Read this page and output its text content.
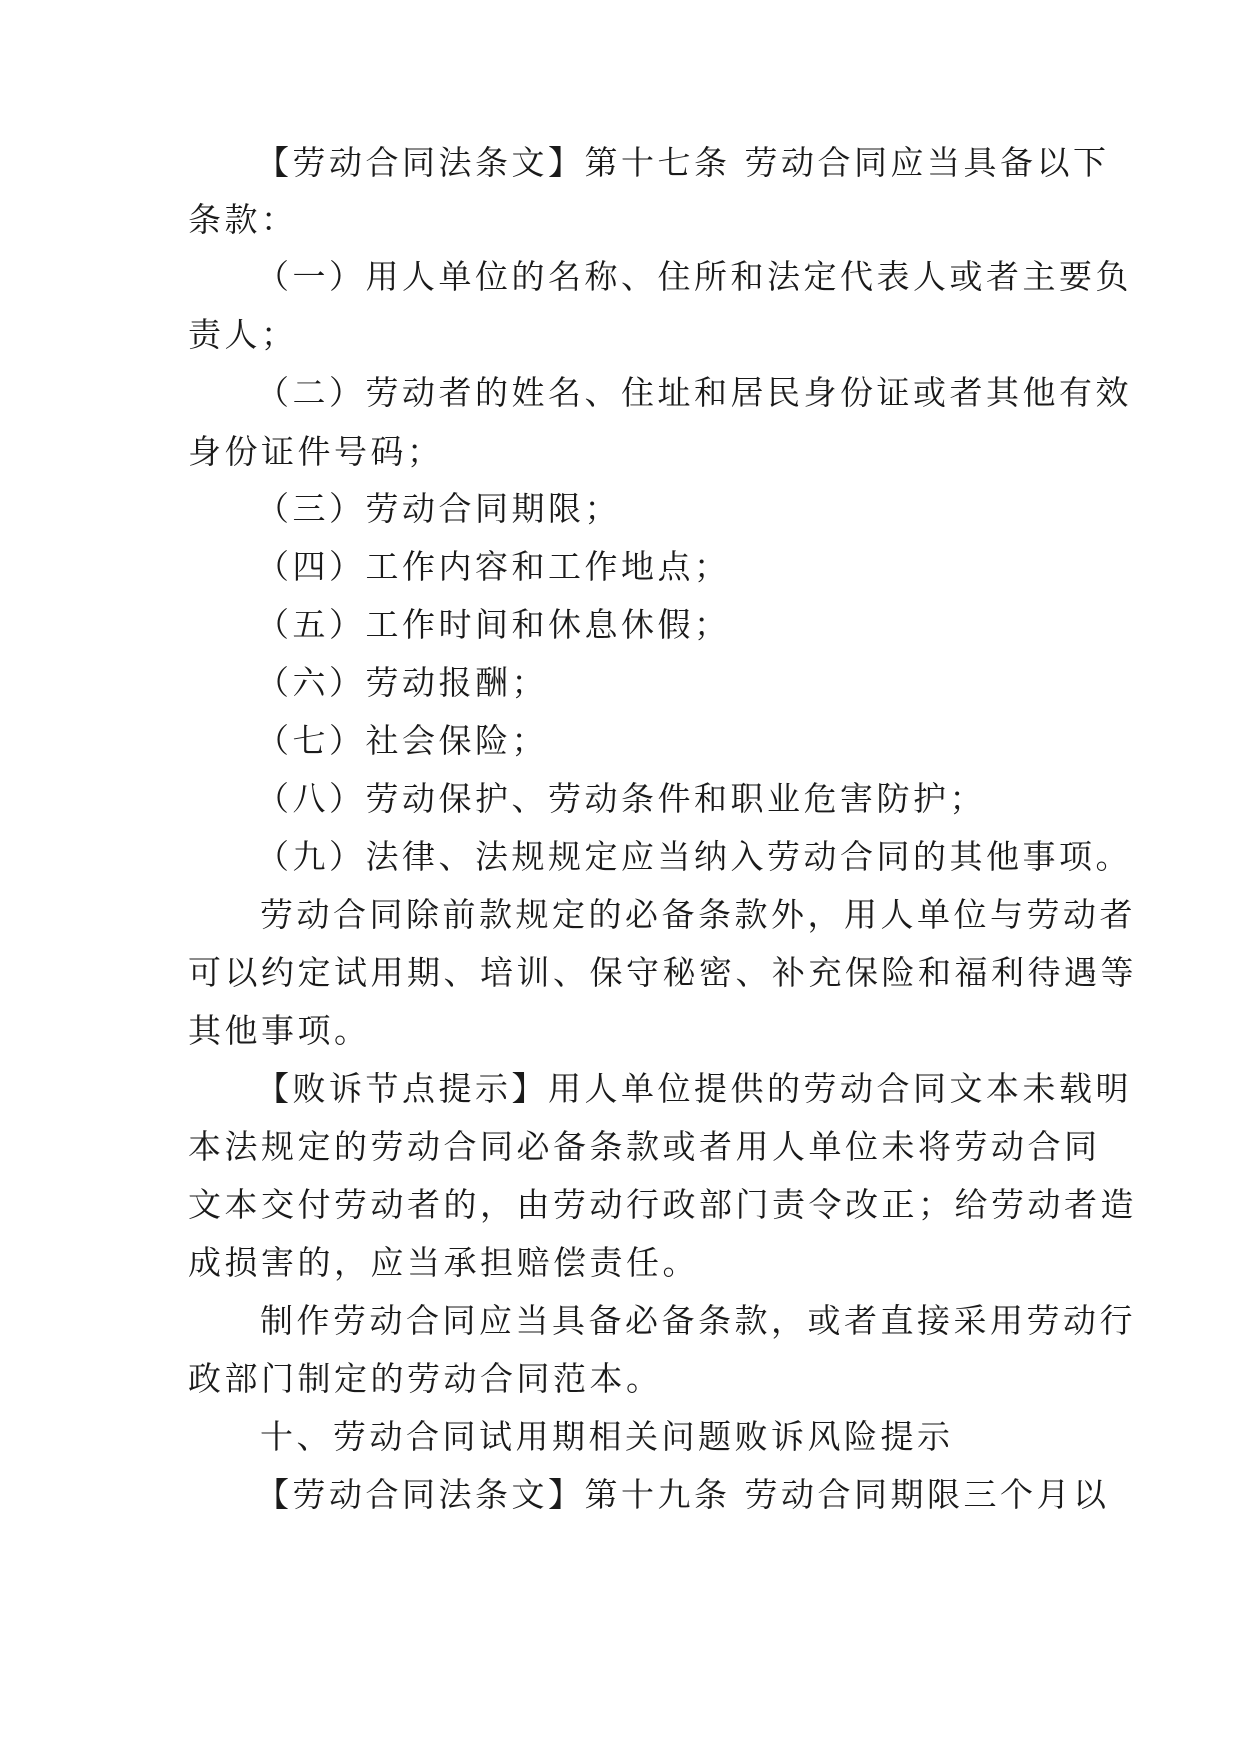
【劳动合同法条文】第十七条 劳动合同应当具备以下
条款：
（一）用人单位的名称、住所和法定代表人或者主要负
责人；
（二）劳动者的姓名、住址和居民身份证或者其他有效
身份证件号码；
（三）劳动合同期限；
（四）工作内容和工作地点；
（五）工作时间和休息休假；
（六）劳动报酬；
（七）社会保险；
（八）劳动保护、劳动条件和职业危害防护；
（九）法律、法规规定应当纳入劳动合同的其他事项。
劳动合同除前款规定的必备条款外，用人单位与劳动者
可以约定试用期、培训、保守秘密、补充保险和福利待遇等
其他事项。
【败诉节点提示】用人单位提供的劳动合同文本未载明
本法规定的劳动合同必备条款或者用人单位未将劳动合同
文本交付劳动者的，由劳动行政部门责令改正；给劳动者造
成损害的，应当承担赔偿责任。
制作劳动合同应当具备必备条款，或者直接采用劳动行
政部门制定的劳动合同范本。
十、劳动合同试用期相关问题败诉风险提示
【劳动合同法条文】第十九条 劳动合同期限三个月以
